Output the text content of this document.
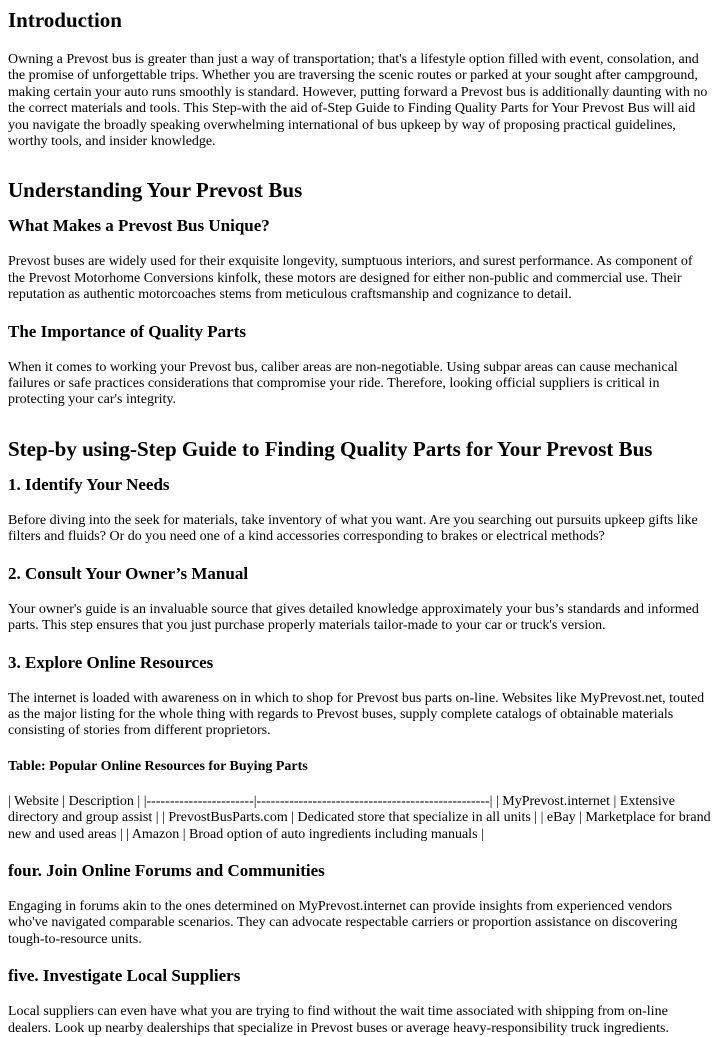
Introduction

Owning a Prevost bus is greater than just a way of transportation; that's a lifestyle option filled with event, consolation, and the promise of unforgettable trips. Whether you are traversing the scenic routes or parked at your sought after campground, making certain your auto runs smoothly is standard. However, putting forward a Prevost bus is additionally daunting with no the correct materials and tools. This Step-with the aid of-Step Guide to Finding Quality Parts for Your Prevost Bus will aid you navigate the broadly speaking overwhelming international of bus upkeep by way of proposing practical guidelines, worthy tools, and insider knowledge.

Understanding Your Prevost Bus
What Makes a Prevost Bus Unique?

Prevost buses are widely used for their exquisite longevity, sumptuous interiors, and surest performance. As component of the Prevost Motorhome Conversions kinfolk, these motors are designed for either non-public and commercial use. Their reputation as authentic motorcoaches stems from meticulous craftsmanship and cognizance to detail.

The Importance of Quality Parts

When it comes to working your Prevost bus, caliber areas are non-negotiable. Using subpar areas can cause mechanical failures or safe practices considerations that compromise your ride. Therefore, looking official suppliers is critical in protecting your car's integrity.

Step-by using-Step Guide to Finding Quality Parts for Your Prevost Bus
1. Identify Your Needs

Before diving into the seek for materials, take inventory of what you want. Are you searching out pursuits upkeep gifts like filters and fluids? Or do you need one of a kind accessories corresponding to brakes or electrical methods?

2. Consult Your Owner’s Manual

Your owner's guide is an invaluable source that gives detailed knowledge approximately your bus’s standards and informed parts. This step ensures that you just purchase properly materials tailor-made to your car or truck's version.

3. Explore Online Resources

The internet is loaded with awareness on in which to shop for Prevost bus parts on-line. Websites like MyPrevost.net, touted as the major listing for the whole thing with regards to Prevost buses, supply complete catalogs of obtainable materials consisting of stories from different proprietors.

Table: Popular Online Resources for Buying Parts

| Website | Description | |-----------------------|--------------------------------------------------| | MyPrevost.internet | Extensive directory and group assist | | PrevostBusParts.com | Dedicated store that specialize in all units | | eBay | Marketplace for brand new and used areas | | Amazon | Broad option of auto ingredients including manuals |

four. Join Online Forums and Communities

Engaging in forums akin to the ones determined on MyPrevost.internet can provide insights from experienced vendors who've navigated comparable scenarios. They can advocate respectable carriers or proportion assistance on discovering tough-to-resource units.

five. Investigate Local Suppliers

Local suppliers can even have what you are trying to find without the wait time associated with shipping from on-line dealers. Look up nearby dealerships that specialize in Prevost buses or average heavy-responsibility truck ingredients.
